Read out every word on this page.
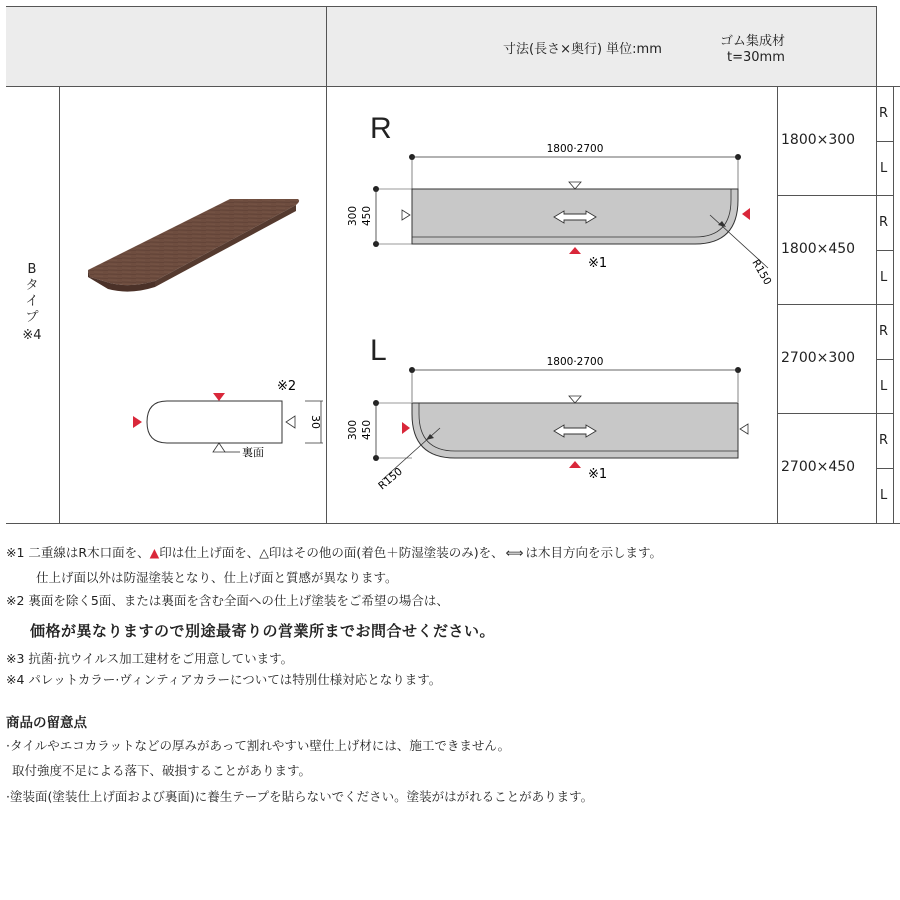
寸法(長さ×奥行) 単位:mm
ゴム集成材
t=30mm
B
タ
イ
プ
※4
30
裏面
※2
R
1800·2700
300 450
※1	R150
L	1800·2700
300 450
※1
R150
1800×300
1800×450
2700×300
2700×450
R
L
R
L
R
L
R
L
※1 二重線はR木口面を、▲印は仕上げ面を、△印はその他の面(着色＋防湿塗装のみ)を、 ⟺ は木目方向を示します。
仕上げ面以外は防湿塗装となり、仕上げ面と質感が異なります。
※2 裏面を除く5面、または裏面を含む全面への仕上げ塗装をご希望の場合は、
価格が異なりますので別途最寄りの営業所までお問合せください。
※3 抗菌·抗ウイルス加工建材をご用意しています。
※4 パレットカラー·ヴィンティアカラーについては特別仕様対応となります。
商品の留意点
·タイルやエコカラットなどの厚みがあって割れやすい壁仕上げ材には、施工できません。
取付強度不足による落下、破損することがあります。
·塗装面(塗装仕上げ面および裏面)に養生テープを貼らないでください。塗装がはがれることがあります。
